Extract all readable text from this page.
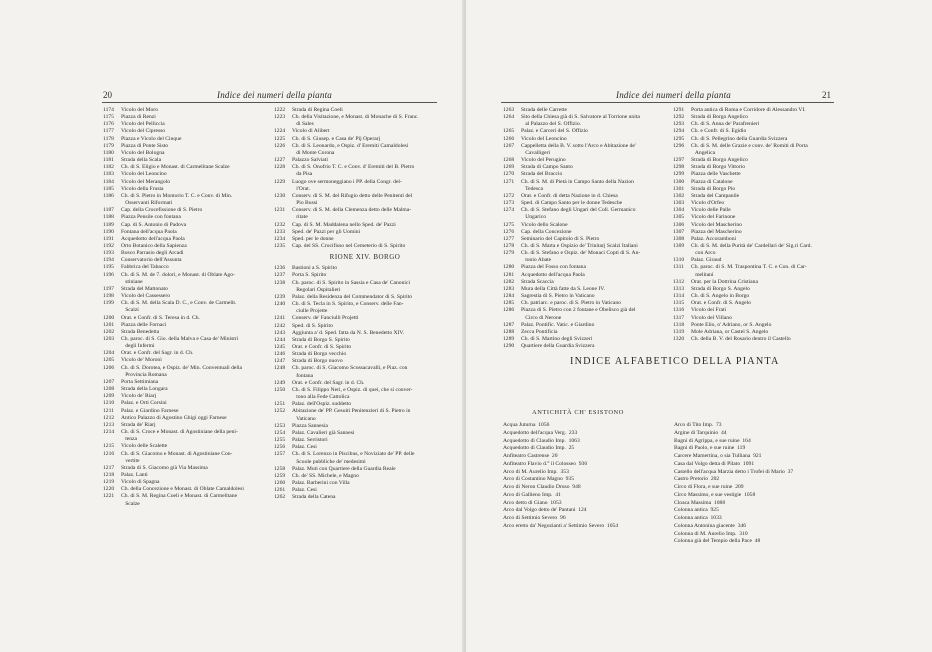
20	Indice dei numeri della pianta
1174	Vicolo del Moro
1175	Piazza di Renzi
1176	Vicolo del Pelliccia
1177	Vicolo del Cipresso
1178	Piazza e Vicolo del Cinque
1179	Piazza di Ponte Sisto
1180	Vicolo del Bologna
1181	Strada della Scala
1182	Ch. di S. Eligio e Monast. di Carmelitane Scalze
1183	Vicolo del Leoncino
1184	Vicolo del Merangolo
1185	Vicolo della Frusta
1186	Ch. di S. Pietro in Montorio T. C. e Conv. di Min.
Osservanti Riformati
1187	Cap. della Crocefissione di S. Pietro
1188	Piazza Pensile con fontana
1189	Cap. di S. Antonio di Padova
1190	Fontana dell'acqua Paola
1191	Acquedotto dell'acqua Paola
1192	Orto Botanico della Sapienza
1193	Bosco Parrasio degli Arcadi
1194	Conservatorio dell'Assunta
1195	Fabbrica del Tabacco
1196	Ch. di S. M. de 7. dolori, e Monast. di Oblate Ago-
stiniane
1197	Strada del Mattonato
1198	Vicolo del Cassessero
1199	Ch. di S. M. della Scala D. C., e Conv. de Carmelit.
Scalzi
1200	Orat. e Confr. di S. Teresa in d. Ch.
1201	Piazza delle Fornaci
1202	Strada Benedetta
1203	Ch. paroc. di S. Gio. della Malva e Casa de' Ministri
degli Infermi
1204	Orat. e Confr. del Sagr. in d. Ch.
1205	Vicolo de' Moroni
1206	Ch. di S. Dorotea, e Ospiz. de' Min. Conventuali della
Provincia Romana
1207	Porta Settimiana
1208	Strada della Longara
1209	Vicolo de' Riarj
1210	Palaz. e Orti Corsini
1211	Palaz. e Giardino Farnese
1212	Antico Palazzo di Agostino Ghigi oggi Farnese
1213	Strada de' Riarj
1214	Ch. di S. Croce e Monast. di Agostiniane della peni-
tenza
1215	Vicolo delle Scalette
1216	Ch. di S. Giacomo e Monast. di Agostiniane Con-
vertite
1217	Strada di S. Giacomo già Via Massima
1218	Palaz. Lanti
1219	Vicolo di Spagna
1220	Ch. della Concezione e Monast. di Oblate Camaldolesi
1221	Ch. di S. M. Regina Coeli e Monast. di Carmelitane
Scalze
1222	Strada di Regina Coeli
1223	Ch. della Visitazione, e Monast. di Monache di S. Franc.
di Sales
1224	Vicolo di Alibert
1225	Ch. di S. Giusep. e Casa de' Pij Operarj
1226	Ch. di S. Leonardo, e Ospiz. d' Eremiti Camaldolesi
di Monte Corona
1227	Palazzo Salviati
1228	Ch. di S. Onofrio T. C. e Conv. d' Eremiti del B. Pietro
da Pisa
1229	Luogo ove sermoneggiano i PP. della Congr. del-
l'Orat.
1230	Conserv. di S. M. del Rifugio detto delle Penitenti del
Pio Bussi
1231	Conserv. di S. M. della Clemenza detto delle Malma-
ritate
1232	Cap. di S. M. Maddalena nello Sped. de' Pazzi
1233	Sped. de' Pazzi per gli Uomini
1234	Sped. per le donne
1235	Cap. del SS. Crocifisso nel Cemeterio di S. Spirito
RIONE XIV. BORGO
1236	Bastioni a S. Spirito
1237	Porta S. Spirito
1238	Ch. paroc. di S. Spirito in Sassia e Casa de' Canonici
Regolari Ospitalieri
1239	Palaz. della Residenza del Commendator di S. Spirito
1240	Ch. di S. Tecla in S. Spirito, e Conserv. delle Fan-
ciulle Projette
1241	Conserv. de' Fanciulli Projetti
1242	Sped. di S. Spirito
1243	Aggiunta a' d. Sped. fatta da N. S. Benedetto XIV.
1244	Strada di Borgo S. Spirito
1245	Orat. e Confr. di S. Spirito
1246	Strada di Borgo vecchio
1247	Strada di Borgo nuovo
1248	Ch. paroc. di S. Giacomo Scossacavalli, e Piaz. con
fontana
1249	Orat. e Confr. del Sagr. in d. Ch.
1250	Ch. di S. Filippo Neri, e Ospiz. di quei, che si conver-
tono alla Fede Cattolica
1251	Palaz. dell'Ospiz. suddetto
1252	Abitazione de' PP. Gesuiti Penitenzieri di S. Pietro in
Vaticano
1253	Piazza Sannesia
1254	Palaz. Cavalieri già Sannesi
1255	Palaz. Serristori
1256	Palaz. Cesi
1257	Ch. di S. Lorenzo in Piscibus, e Noviziato de' PP. delle
Scuole pubbliche de' medesimi
1258	Palaz. Muti con Quartiere della Guardia Reale
1259	Ch. de' SS. Michele, e Magno
1260	Palaz. Barberini con Villa
1261	Palaz. Cesi
1262	Strada della Catena
Indice dei numeri della pianta	21
1263	Strada delle Carrette
1264	Sito della Chiesa già di S. Salvatore al Torrione unita
al Palazzo del S. Offizio.
1265	Palaz. e Carceri del S. Offizio
1266	Vicolo del Leoncino
1267	Cappelletta della B. V. sotto l'Arco e Abitazione de'
Cavalligeri
1268	Vicolo del Perugino
1269	Strada di Campo Santo
1270	Strada del Braccio
1271	Ch. di S. M. di Pietà in Campo Santo della Nazion
Tedesca
1272	Orat. e Confr. di detta Nazione in d. Chiesa
1273	Sped. di Campo Santo per le donne Tedesche
1274	Ch. di S. Stefano degli Ungari del Coll. Germanico
Ungarico
1275	Vicolo dello Scalone
1276	Cap. della Concezione
1277	Seminario del Capitolo di S. Pietro
1278	Ch. di S. Marta e Ospizio de' Trinitarj Scalzi Italiani
1279	Ch. di S. Stefano e Ospiz. de' Monaci Copti di S. An-
tonio Abate
1280	Piazza del Fosso con fontana
1281	Acquedotto dell'acqua Paola
1282	Strada Scaccia
1283	Mura della Città fatte da S. Leone IV.
1284	Sagrestia di S. Pietro in Vaticano
1285	Ch. patriarc. e paroc. di S. Pietro in Vaticano
1286	Piazza di S. Pietro con 2 fontane e Obelisco già del
Circo di Nerone
1287	Palaz. Pontific. Vatic. e Giardino
1288	Zecca Pontificia
1289	Ch. di S. Martino degli Svizzeri
1290	Quartiere della Guardia Svizzera
1291	Porta antica di Roma e Corridore di Alessandro VI.
1292	Strada di Borgo Angelico
1293	Ch. di S. Anna de' Parafrenieri
1294	Ch. e Confr. di S. Egidio
1295	Ch. di S. Pellegrino della Guardia Svizzera
1296	Ch. di S. M. delle Grazie e conv. de' Romiti di Porta
Angelica
1297	Strada di Borgo Angelico
1298	Strada di Borgo Vittorio
1299	Piazza delle Vaschette
1300	Piazza di Catalone
1301	Strada di Borgo Pio
1302	Strada del Campanile
1303	Vicolo d'Orfeo
1304	Vicolo delle Palle
1305	Vicolo del Farinone
1306	Vicolo del Mascherino
1307	Piazza del Mascherino
1308	Palaz. Accoramboni
1309	Ch. di S. M. della Purità de' Cardellari de' Sig.ri Card.
con Arco
1310	Palaz. Giraud
1311	Ch. paroc. di S. M. Traspontina T. C. e Con. di Car-
melitani
1312	Orat. per la Dottrina Cristiana
1313	Strada di Borgo S. Angelo
1314	Ch. di S. Angelo in Borgo
1315	Orat. e Confr. di S. Angelo
1316	Vicolo dei Frati
1317	Vicolo del Villano
1318	Ponte Elio, o' Adriano, or S. Angelo
1319	Mole Adriana, or Castel S. Angelo
1320	Ch. della B. V. del Rosario dentro il Castello
INDICE ALFABETICO DELLA PIANTA
ANTICHITÀ CH' ESISTONO
Acqua Juturna  1056
Acquedotto dell'acqua Verg.  233
Acquedotto di Claudio Imp.  1063
Acquedotto di Claudio Imp.  25
Anfiteatro Castrense  20
Anfiteatro Flavio d.° il Colosseo  936
Arco di M. Aurelio Imp.  353
Arco di Costantino Magno  935
Arco di Neron Claudio Druso  948
Arco di Gallieno Imp.  41
Arco detto di Giano  1053
Arco dal Volgo detto de' Pantani  124
Arco di Settimio Severo  96
Arco eretto da' Negozianti a' Settimio Severo  1054
Arco di Tito Imp.  73
Argine di Tarquinio  44
Bagni di Agrippa, e sue ruine  164
Bagni di Paolo, e sue ruine  119
Carcere Mamertina, o sia Tulliana  921
Casa dal Volgo detta di Pilato  1091
Castello dell'acqua Marzia detto i Trofei di Mario  37
Castro Pretorio  202
Circo di Flora, e sue ruine  209
Circo Massimo, e sue vestigie  1058
Cloaca Massima  1088
Colonna antica  925
Colonna antica  1033
Colonna Antonina giacente  346
Colonna di M. Aurelio Imp.  310
Colonna già del Tempio della Pace  48
